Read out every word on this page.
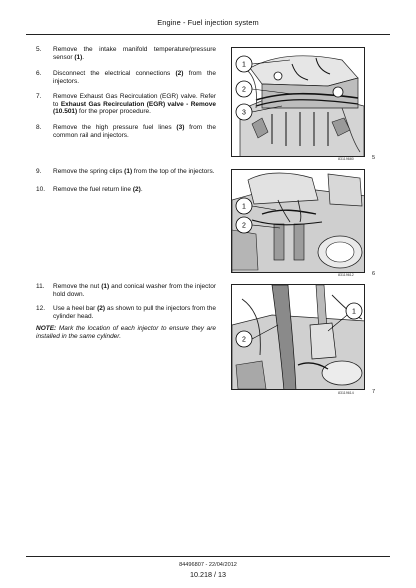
Engine - Fuel injection system
5. Remove the intake manifold temperature/pressure sensor (1).
6. Disconnect the electrical connections (2) from the injectors.
7. Remove Exhaust Gas Recirculation (EGR) valve. Refer to Exhaust Gas Recirculation (EGR) valve - Remove (10.501) for the proper procedure.
8. Remove the high pressure fuel lines (3) from the common rail and injectors.
9. Remove the spring clips (1) from the top of the injectors.
10. Remove the fuel return line (2).
11. Remove the nut (1) and conical washer from the injector hold down.
12. Use a heel bar (2) as shown to pull the injectors from the cylinder head.
NOTE: Mark the location of each injector to ensure they are installed in the same cylinder.
1
2
3
83119680	5
1
2
83119612	6
1
2
83119614	7
84496807 - 22/04/2012
10.218 / 13
